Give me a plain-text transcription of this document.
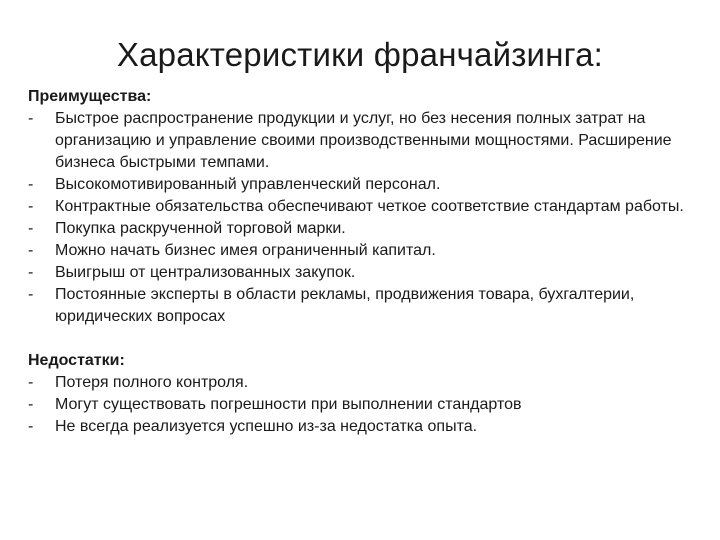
Характеристики франчайзинга:

Преимущества:

-	Быстрое распространение продукции и услуг, но без несения полных затрат на организацию и управление своими производственными мощностями. Расширение бизнеса быстрыми темпами.
-	Высокомотивированный управленческий персонал.
-	Контрактные обязательства обеспечивают четкое соответствие стандартам работы.
-	Покупка раскрученной торговой марки.
-	Можно начать бизнес имея ограниченный капитал.
-	Выигрыш от централизованных закупок.
-	Постоянные эксперты в области рекламы, продвижения товара, бухгалтерии, юридических вопросах

Недостатки:

-	Потеря полного контроля.
-	Могут существовать погрешности при выполнении стандартов
-	Не всегда реализуется успешно из-за недостатка опыта.
